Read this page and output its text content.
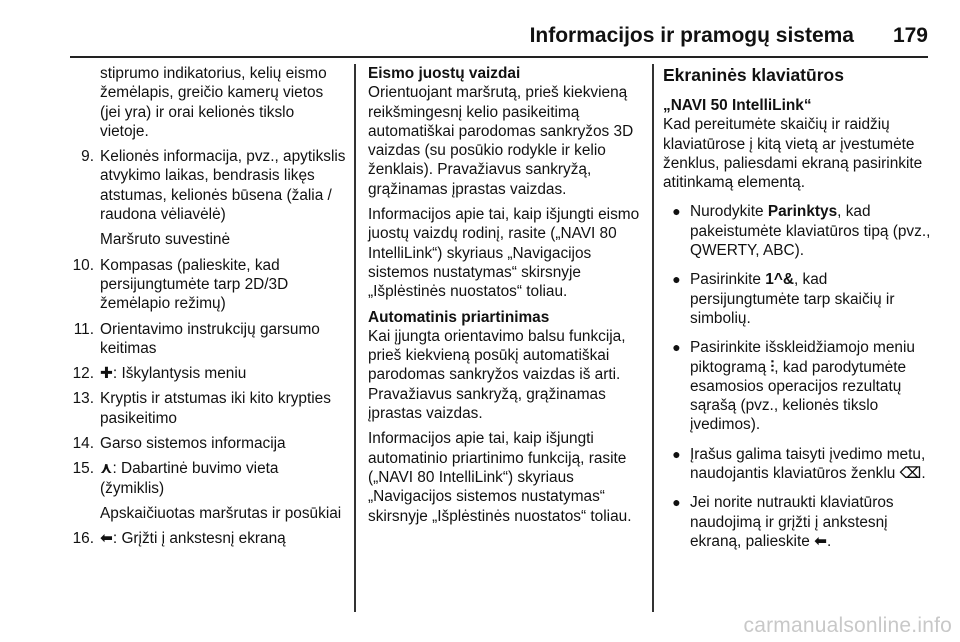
Informacijos ir pramogų sistema 179
stiprumo indikatorius, kelių eismo žemėlapis, greičio kamerų vietos (jei yra) ir orai kelionės tikslo vietoje.
9. Kelionės informacija, pvz., apytikslis atvykimo laikas, bendrasis likęs atstumas, kelionės būsena (žalia / raudona vėliavėlė)
Maršruto suvestinė
10. Kompasas (palieskite, kad persijungtumėte tarp 2D/3D žemėlapio režimų)
11. Orientavimo instrukcijų garsumo keitimas
12. ✚: Iškylantysis meniu
13. Kryptis ir atstumas iki kito krypties pasikeitimo
14. Garso sistemos informacija
15. ⋏: Dabartinė buvimo vieta (žymiklis)
Apskaičiuotas maršrutas ir posūkiai
16. ⬅: Grįžti į ankstesnį ekraną
Eismo juostų vaizdai
Orientuojant maršrutą, prieš kiekvieną reikšmingesnį kelio pasikeitimą automatiškai parodomas sankryžos 3D vaizdas (su posūkio rodykle ir kelio ženklais). Pravažiavus sankryžą, grąžinamas įprastas vaizdas.
Informacijos apie tai, kaip išjungti eismo juostų vaizdų rodinį, rasite („NAVI 80 IntelliLink“) skyriaus „Navigacijos sistemos nustatymas“ skirsnyje „Išplėstinės nuostatos“ toliau.
Automatinis priartinimas
Kai įjungta orientavimo balsu funkcija, prieš kiekvieną posūkį automatiškai parodomas sankryžos vaizdas iš arti. Pravažiavus sankryžą, grąžinamas įprastas vaizdas.
Informacijos apie tai, kaip išjungti automatinio priartinimo funkciją, rasite („NAVI 80 IntelliLink“) skyriaus „Navigacijos sistemos nustatymas“ skirsnyje „Išplėstinės nuostatos“ toliau.
Ekraninės klaviatūros
„NAVI 50 IntelliLink“
Kad pereitumėte skaičių ir raidžių klaviatūrose į kitą vietą ar įvestumėte ženklus, paliesdami ekraną pasirinkite atitinkamą elementą.
● Nurodykite Parinktys, kad pakeistumėte klaviatūros tipą (pvz., QWERTY, ABC).
● Pasirinkite 1^&, kad persijungtumėte tarp skaičių ir simbolių.
● Pasirinkite išskleidžiamojo meniu piktogramą ⫶, kad parodytumėte esamosios operacijos rezultatų sąrašą (pvz., kelionės tikslo įvedimos).
● Įrašus galima taisyti įvedimo metu, naudojantis klaviatūros ženklu ⌫.
● Jei norite nutraukti klaviatūros naudojimą ir grįžti į ankstesnį ekraną, palieskite ⬅.
carmanualsonline.info
